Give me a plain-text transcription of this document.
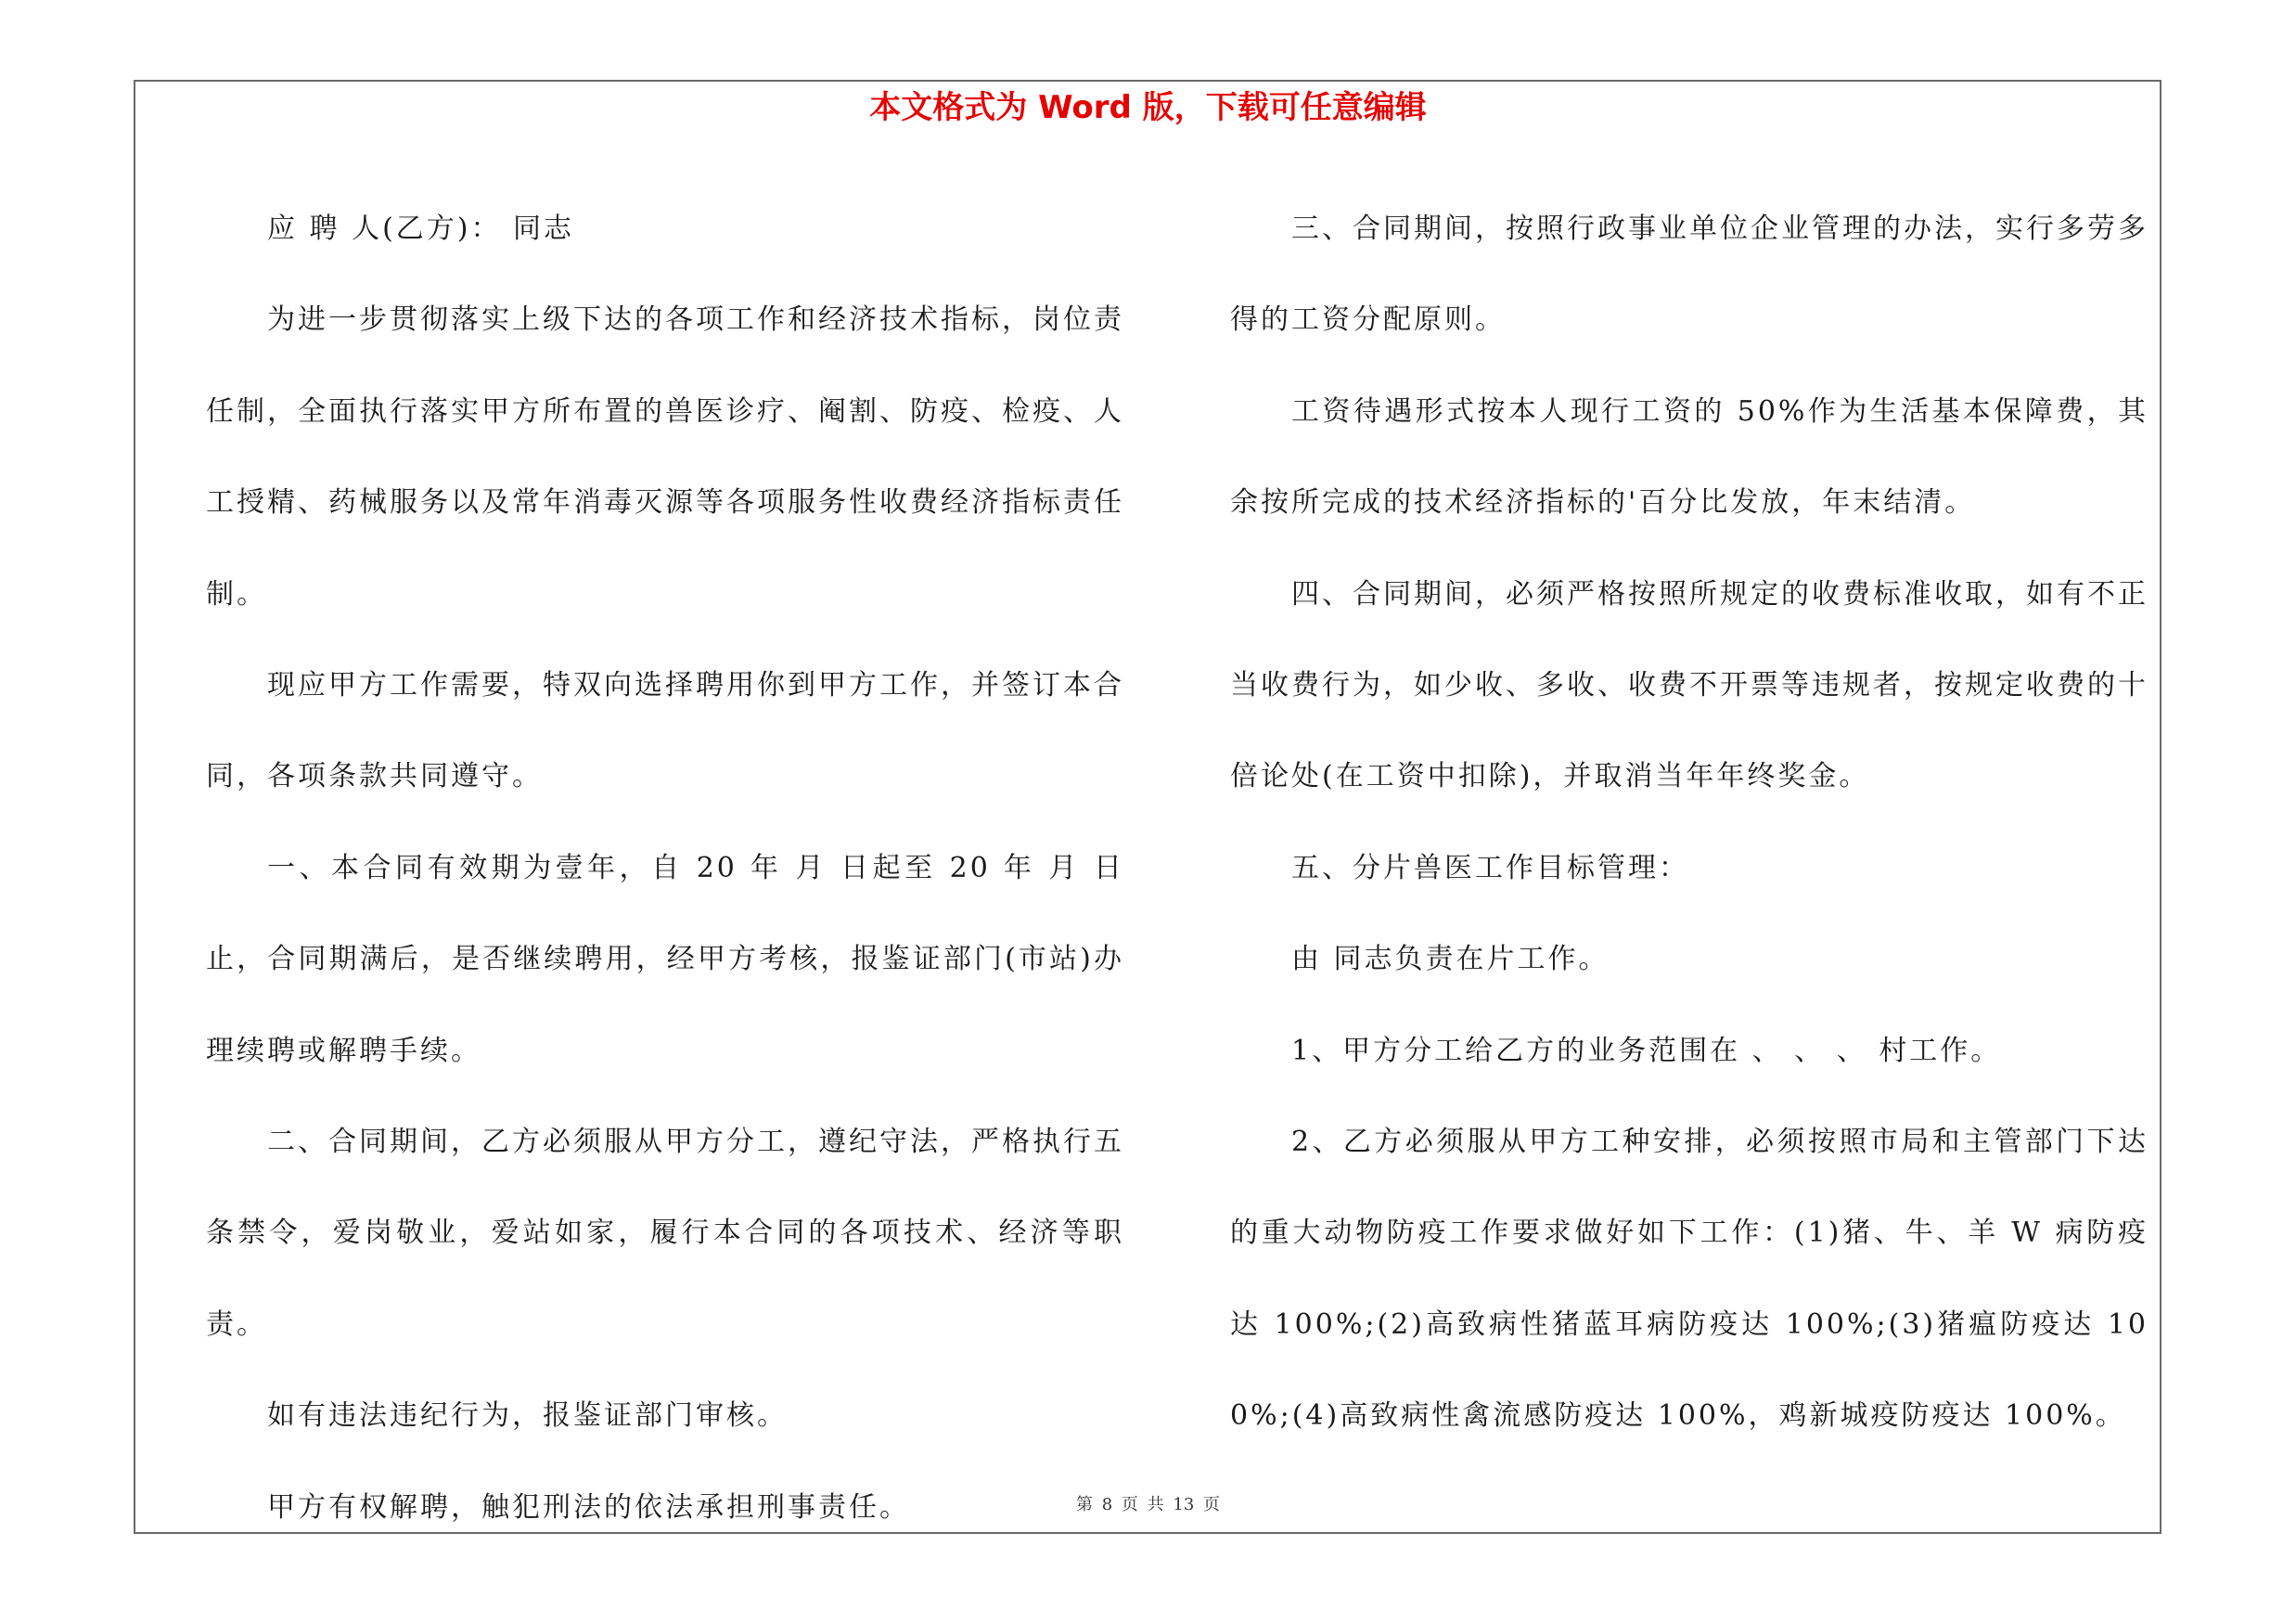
本文格式为 Word 版，下载可任意编辑

应 聘 人(乙方)： 同志

为进一步贯彻落实上级下达的各项工作和经济技术指标，岗位责任制，全面执行落实甲方所布置的兽医诊疗、阉割、防疫、检疫、人工授精、药械服务以及常年消毒灭源等各项服务性收费经济指标责任制。

现应甲方工作需要，特双向选择聘用你到甲方工作，并签订本合同，各项条款共同遵守。

一、本合同有效期为壹年，自 20 年 月 日起至 20 年 月 日止，合同期满后，是否继续聘用，经甲方考核，报鉴证部门(市站)办理续聘或解聘手续。

二、合同期间，乙方必须服从甲方分工，遵纪守法，严格执行五条禁令，爱岗敬业，爱站如家，履行本合同的各项技术、经济等职责。

如有违法违纪行为，报鉴证部门审核。

甲方有权解聘，触犯刑法的依法承担刑事责任。

三、合同期间，按照行政事业单位企业管理的办法，实行多劳多得的工资分配原则。

工资待遇形式按本人现行工资的 50%作为生活基本保障费，其余按所完成的技术经济指标的'百分比发放，年末结清。

四、合同期间，必须严格按照所规定的收费标准收取，如有不正当收费行为，如少收、多收、收费不开票等违规者，按规定收费的十倍论处(在工资中扣除)，并取消当年年终奖金。

五、分片兽医工作目标管理：

由 同志负责在片工作。

1、甲方分工给乙方的业务范围在 、 、 、 村工作。

2、乙方必须服从甲方工种安排，必须按照市局和主管部门下达的重大动物防疫工作要求做好如下工作：(1)猪、牛、羊 W 病防疫达 100%;(2)高致病性猪蓝耳病防疫达 100%;(3)猪瘟防疫达 100%;(4)高致病性禽流感防疫达 100%，鸡新城疫防疫达 100%。

第 8 页 共 13 页
